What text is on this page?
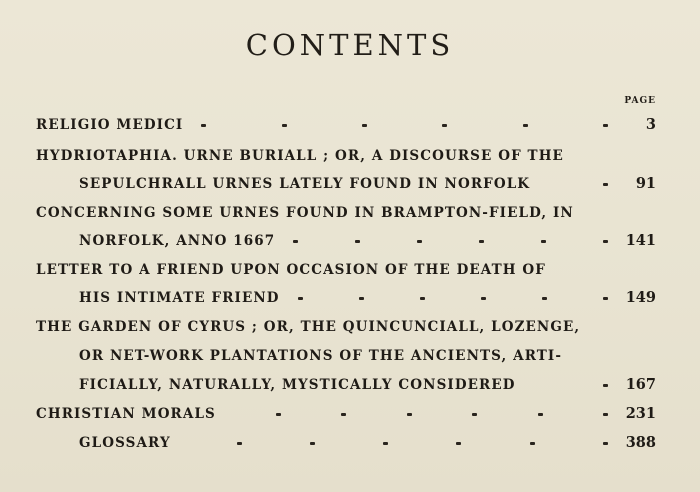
CONTENTS
PAGE
RELIGIO MEDICI	3
HYDRIOTAPHIA. URNE BURIALL ; OR, A DISCOURSE OF THE
SEPULCHRALL URNES LATELY FOUND IN NORFOLK	91
CONCERNING SOME URNES FOUND IN BRAMPTON-FIELD, IN
NORFOLK, ANNO 1667	141
LETTER TO A FRIEND UPON OCCASION OF THE DEATH OF
HIS INTIMATE FRIEND	149
THE GARDEN OF CYRUS ; OR, THE QUINCUNCIALL, LOZENGE,
OR NET-WORK PLANTATIONS OF THE ANCIENTS, ARTI-
FICIALLY, NATURALLY, MYSTICALLY CONSIDERED	167
CHRISTIAN MORALS	231
GLOSSARY	388
